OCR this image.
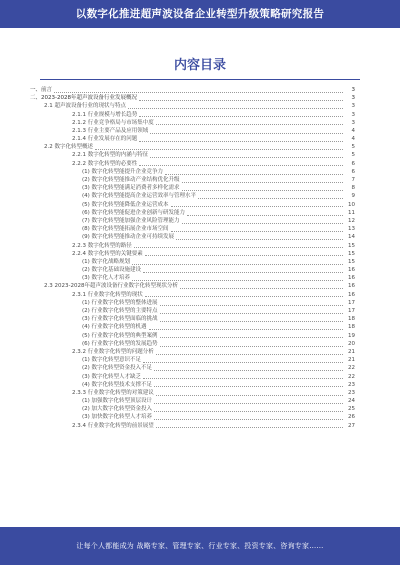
以数字化推进超声波设备企业转型升级策略研究报告
内容目录
一、前言	3
二、2023-2028年超声波设备行业发展概况	3
2.1 超声波设备行业的现状与特点	3
2.1.1 行业规模与增长趋势	3
2.1.2 行业竞争格局与市场集中度	3
2.1.3 行业主要产品及应用领域	4
2.1.4 行业发展存在的问题	4
2.2 数字化转型概述	5
2.2.1 数字化转型的内涵与特征	5
2.2.2 数字化转型的必要性	6
(1) 数字化转型能提升企业竞争力	6
(2) 数字化转型能推动产业结构优化升级	7
(3) 数字化转型能满足消费者多样化需求	8
(4) 数字化转型能提高企业运营效率与管理水平	9
(5) 数字化转型能降低企业运营成本	10
(6) 数字化转型能促进企业创新与研发能力	11
(7) 数字化转型能加强企业风险管理能力	12
(8) 数字化转型能拓展企业市场空间	13
(9) 数字化转型能推动企业可持续发展	14
2.2.3 数字化转型的路径	15
2.2.4 数字化转型的关键要素	15
(1) 数字化战略规划	15
(2) 数字化基础设施建设	16
(3) 数字化人才培养	16
2.3 2023-2028年超声波设备行业数字化转型现状分析	16
2.3.1 行业数字化转型的现状	16
(1) 行业数字化转型的整体进展	17
(2) 行业数字化转型的主要特点	17
(3) 行业数字化转型面临的挑战	18
(4) 行业数字化转型的机遇	18
(5) 行业数字化转型的典型案例	19
(6) 行业数字化转型的发展趋势	20
2.3.2 行业数字化转型的问题分析	21
(1) 数字化转型意识不足	21
(2) 数字化转型资金投入不足	22
(3) 数字化转型人才缺乏	22
(4) 数字化转型技术支撑不足	23
2.3.3 行业数字化转型的对策建议	23
(1) 加强数字化转型顶层设计	24
(2) 加大数字化转型资金投入	25
(3) 加快数字化转型人才培养	26
2.3.4 行业数字化转型的前景展望	27
让每个人都能成为 战略专家、管理专家、行业专家、投资专家、咨询专家……
